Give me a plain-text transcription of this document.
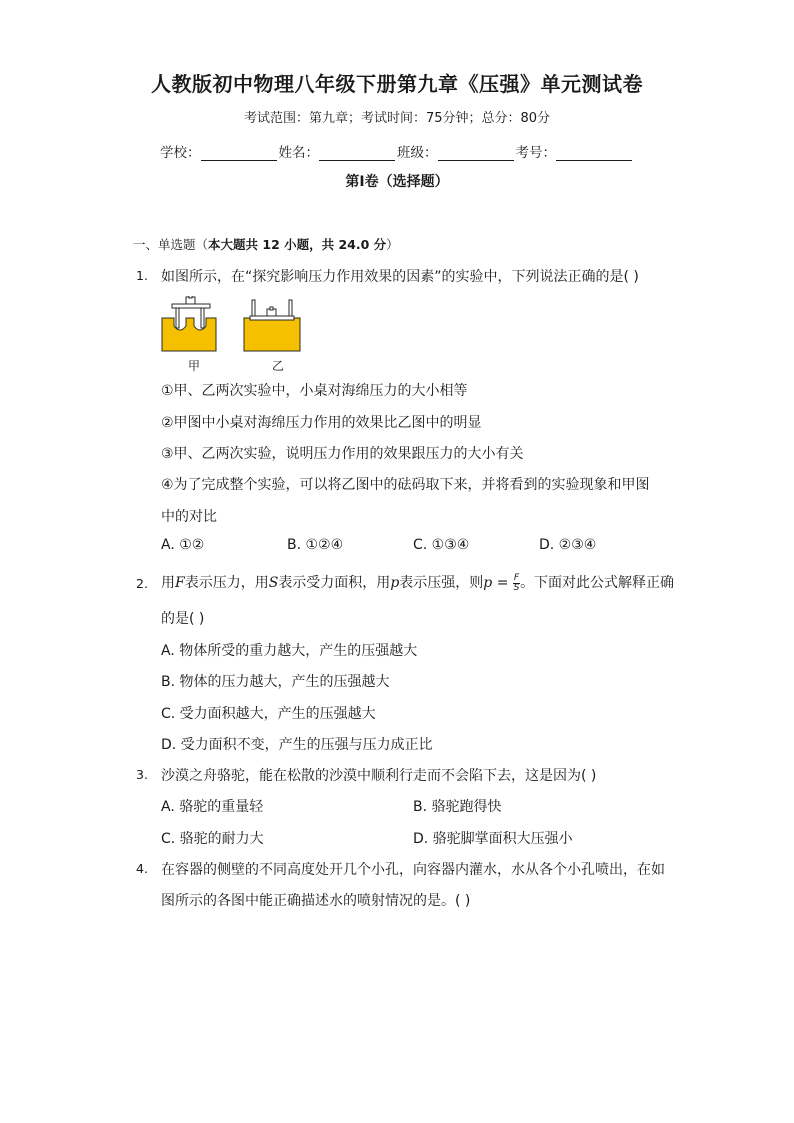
人教版初中物理八年级下册第九章《压强》单元测试卷
考试范围：第九章；考试时间：75分钟；总分：80分
学校：	姓名：	班级：	考号：
第I卷（选择题）
一、单选题（本大题共 12 小题，共 24.0 分）
1. 如图所示，在“探究影响压力作用效果的因素”的实验中，下列说法正确的是( )
甲	乙
①甲、乙两次实验中，小桌对海绵压力的大小相等
②甲图中小桌对海绵压力作用的效果比乙图中的明显
③甲、乙两次实验，说明压力作用的效果跟压力的大小有关
④为了完成整个实验，可以将乙图中的砝码取下来，并将看到的实验现象和甲图
中的对比
A. ①②	B. ①②④	C. ①③④	D. ②③④
2. 用F表示压力，用S表示受力面积，用p表示压强，则$p = \frac{F}{S}$ 。下面对此公式解释正确
的是( )
A. 物体所受的重力越大，产生的压强越大
B. 物体的压力越大，产生的压强越大
C. 受力面积越大，产生的压强越大
D. 受力面积不变，产生的压强与压力成正比
3. 沙漠之舟骆驼，能在松散的沙漠中顺利行走而不会陷下去，这是因为( )
A. 骆驼的重量轻	B. 骆驼跑得快
C. 骆驼的耐力大	D. 骆驼脚掌面积大压强小
4. 在容器的侧壁的不同高度处开几个小孔，向容器内灌水，水从各个小孔喷出，在如
图所示的各图中能正确描述水的喷射情况的是。( )
